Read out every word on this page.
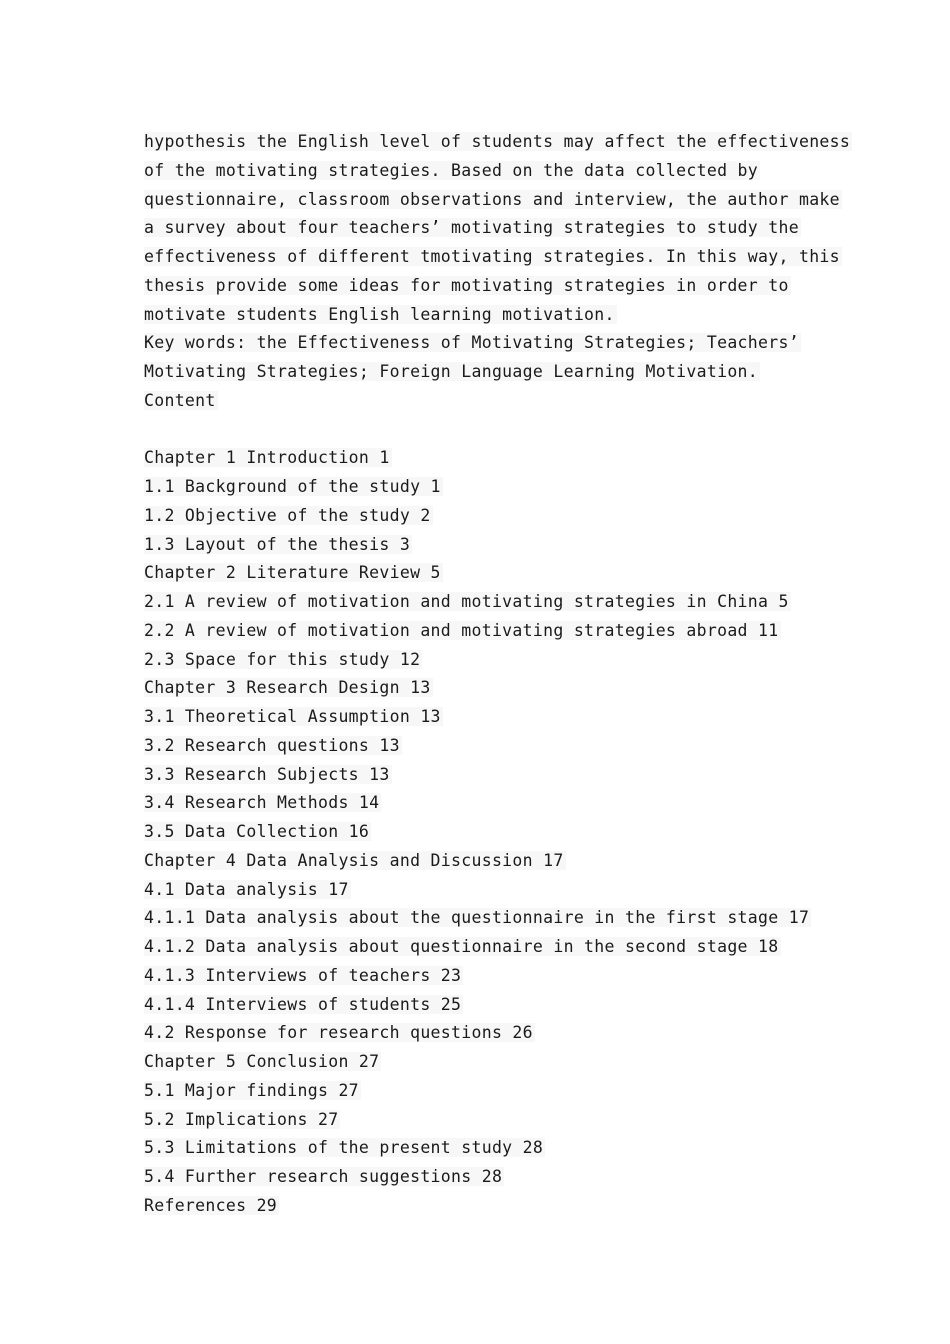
hypothesis the English level of students may affect the effectiveness
of the motivating strategies. Based on the data collected by
questionnaire, classroom observations and interview, the author make
a survey about four teachers’ motivating strategies to study the
effectiveness of different tmotivating strategies. In this way, this
thesis provide some ideas for motivating strategies in order to
motivate students English learning motivation.
Key words: the Effectiveness of Motivating Strategies; Teachers’
Motivating Strategies; Foreign Language Learning Motivation.
Content
Chapter 1 Introduction 1
1.1 Background of the study 1
1.2 Objective of the study 2
1.3 Layout of the thesis 3
Chapter 2 Literature Review 5
2.1 A review of motivation and motivating strategies in China 5
2.2 A review of motivation and motivating strategies abroad 11
2.3 Space for this study 12
Chapter 3 Research Design 13
3.1 Theoretical Assumption 13
3.2 Research questions 13
3.3 Research Subjects 13
3.4 Research Methods 14
3.5 Data Collection 16
Chapter 4 Data Analysis and Discussion 17
4.1 Data analysis 17
4.1.1 Data analysis about the questionnaire in the first stage 17
4.1.2 Data analysis about questionnaire in the second stage 18
4.1.3 Interviews of teachers 23
4.1.4 Interviews of students 25
4.2 Response for research questions 26
Chapter 5 Conclusion 27
5.1 Major findings 27
5.2 Implications 27
5.3 Limitations of the present study 28
5.4 Further research suggestions 28
References 29
